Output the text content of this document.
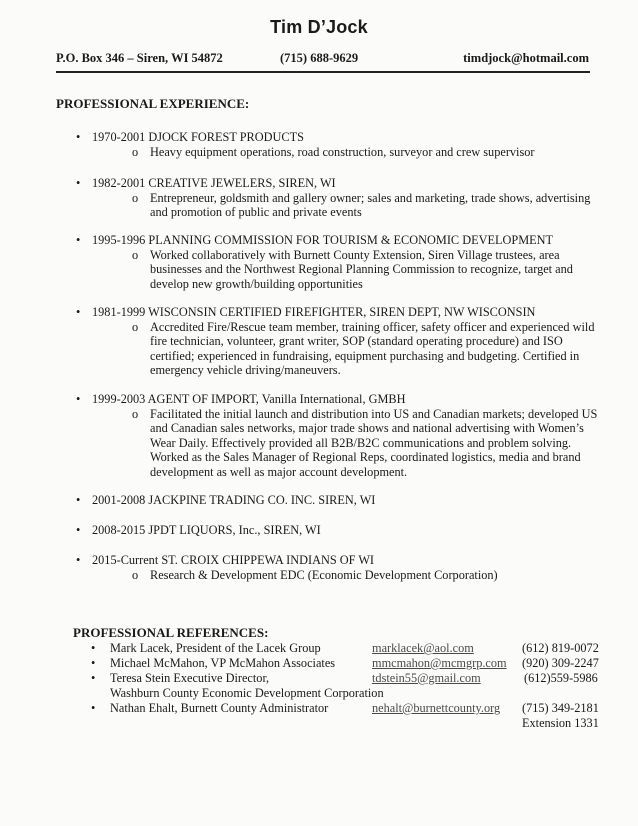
Tim D’Jock
P.O. Box 346 – Siren, WI 54872	(715) 688-9629	timdjock@hotmail.com
PROFESSIONAL EXPERIENCE:
• 1970-2001 DJOCK FOREST PRODUCTS
o Heavy equipment operations, road construction, surveyor and crew supervisor
• 1982-2001 CREATIVE JEWELERS, SIREN, WI
o Entrepreneur, goldsmith and gallery owner; sales and marketing, trade shows, advertising and promotion of public and private events
• 1995-1996 PLANNING COMMISSION FOR TOURISM & ECONOMIC DEVELOPMENT
o Worked collaboratively with Burnett County Extension, Siren Village trustees, area businesses and the Northwest Regional Planning Commission to recognize, target and develop new growth/building opportunities
• 1981-1999 WISCONSIN CERTIFIED FIREFIGHTER, SIREN DEPT, NW WISCONSIN
o Accredited Fire/Rescue team member, training officer, safety officer and experienced wild fire technician, volunteer, grant writer, SOP (standard operating procedure) and ISO certified; experienced in fundraising, equipment purchasing and budgeting. Certified in emergency vehicle driving/maneuvers.
• 1999-2003 AGENT OF IMPORT, Vanilla International, GMBH
o Facilitated the initial launch and distribution into US and Canadian markets; developed US and Canadian sales networks, major trade shows and national advertising with Women’s Wear Daily. Effectively provided all B2B/B2C communications and problem solving. Worked as the Sales Manager of Regional Reps, coordinated logistics, media and brand development as well as major account development.
• 2001-2008 JACKPINE TRADING CO. INC. SIREN, WI
• 2008-2015 JPDT LIQUORS, Inc., SIREN, WI
• 2015-Current ST. CROIX CHIPPEWA INDIANS OF WI
o Research & Development EDC (Economic Development Corporation)
PROFESSIONAL REFERENCES:
• Mark Lacek, President of the Lacek Group	marklacek@aol.com	(612) 819-0072
• Michael McMahon, VP McMahon Associates	mmcmahon@mcmgrp.com (920) 309-2247
• Teresa Stein Executive Director,	tdstein55@gmail.com	(612)559-5986
Washburn County Economic Development Corporation
• Nathan Ehalt, Burnett County Administrator	nehalt@burnettcounty.org (715) 349-2181
Extension 1331
